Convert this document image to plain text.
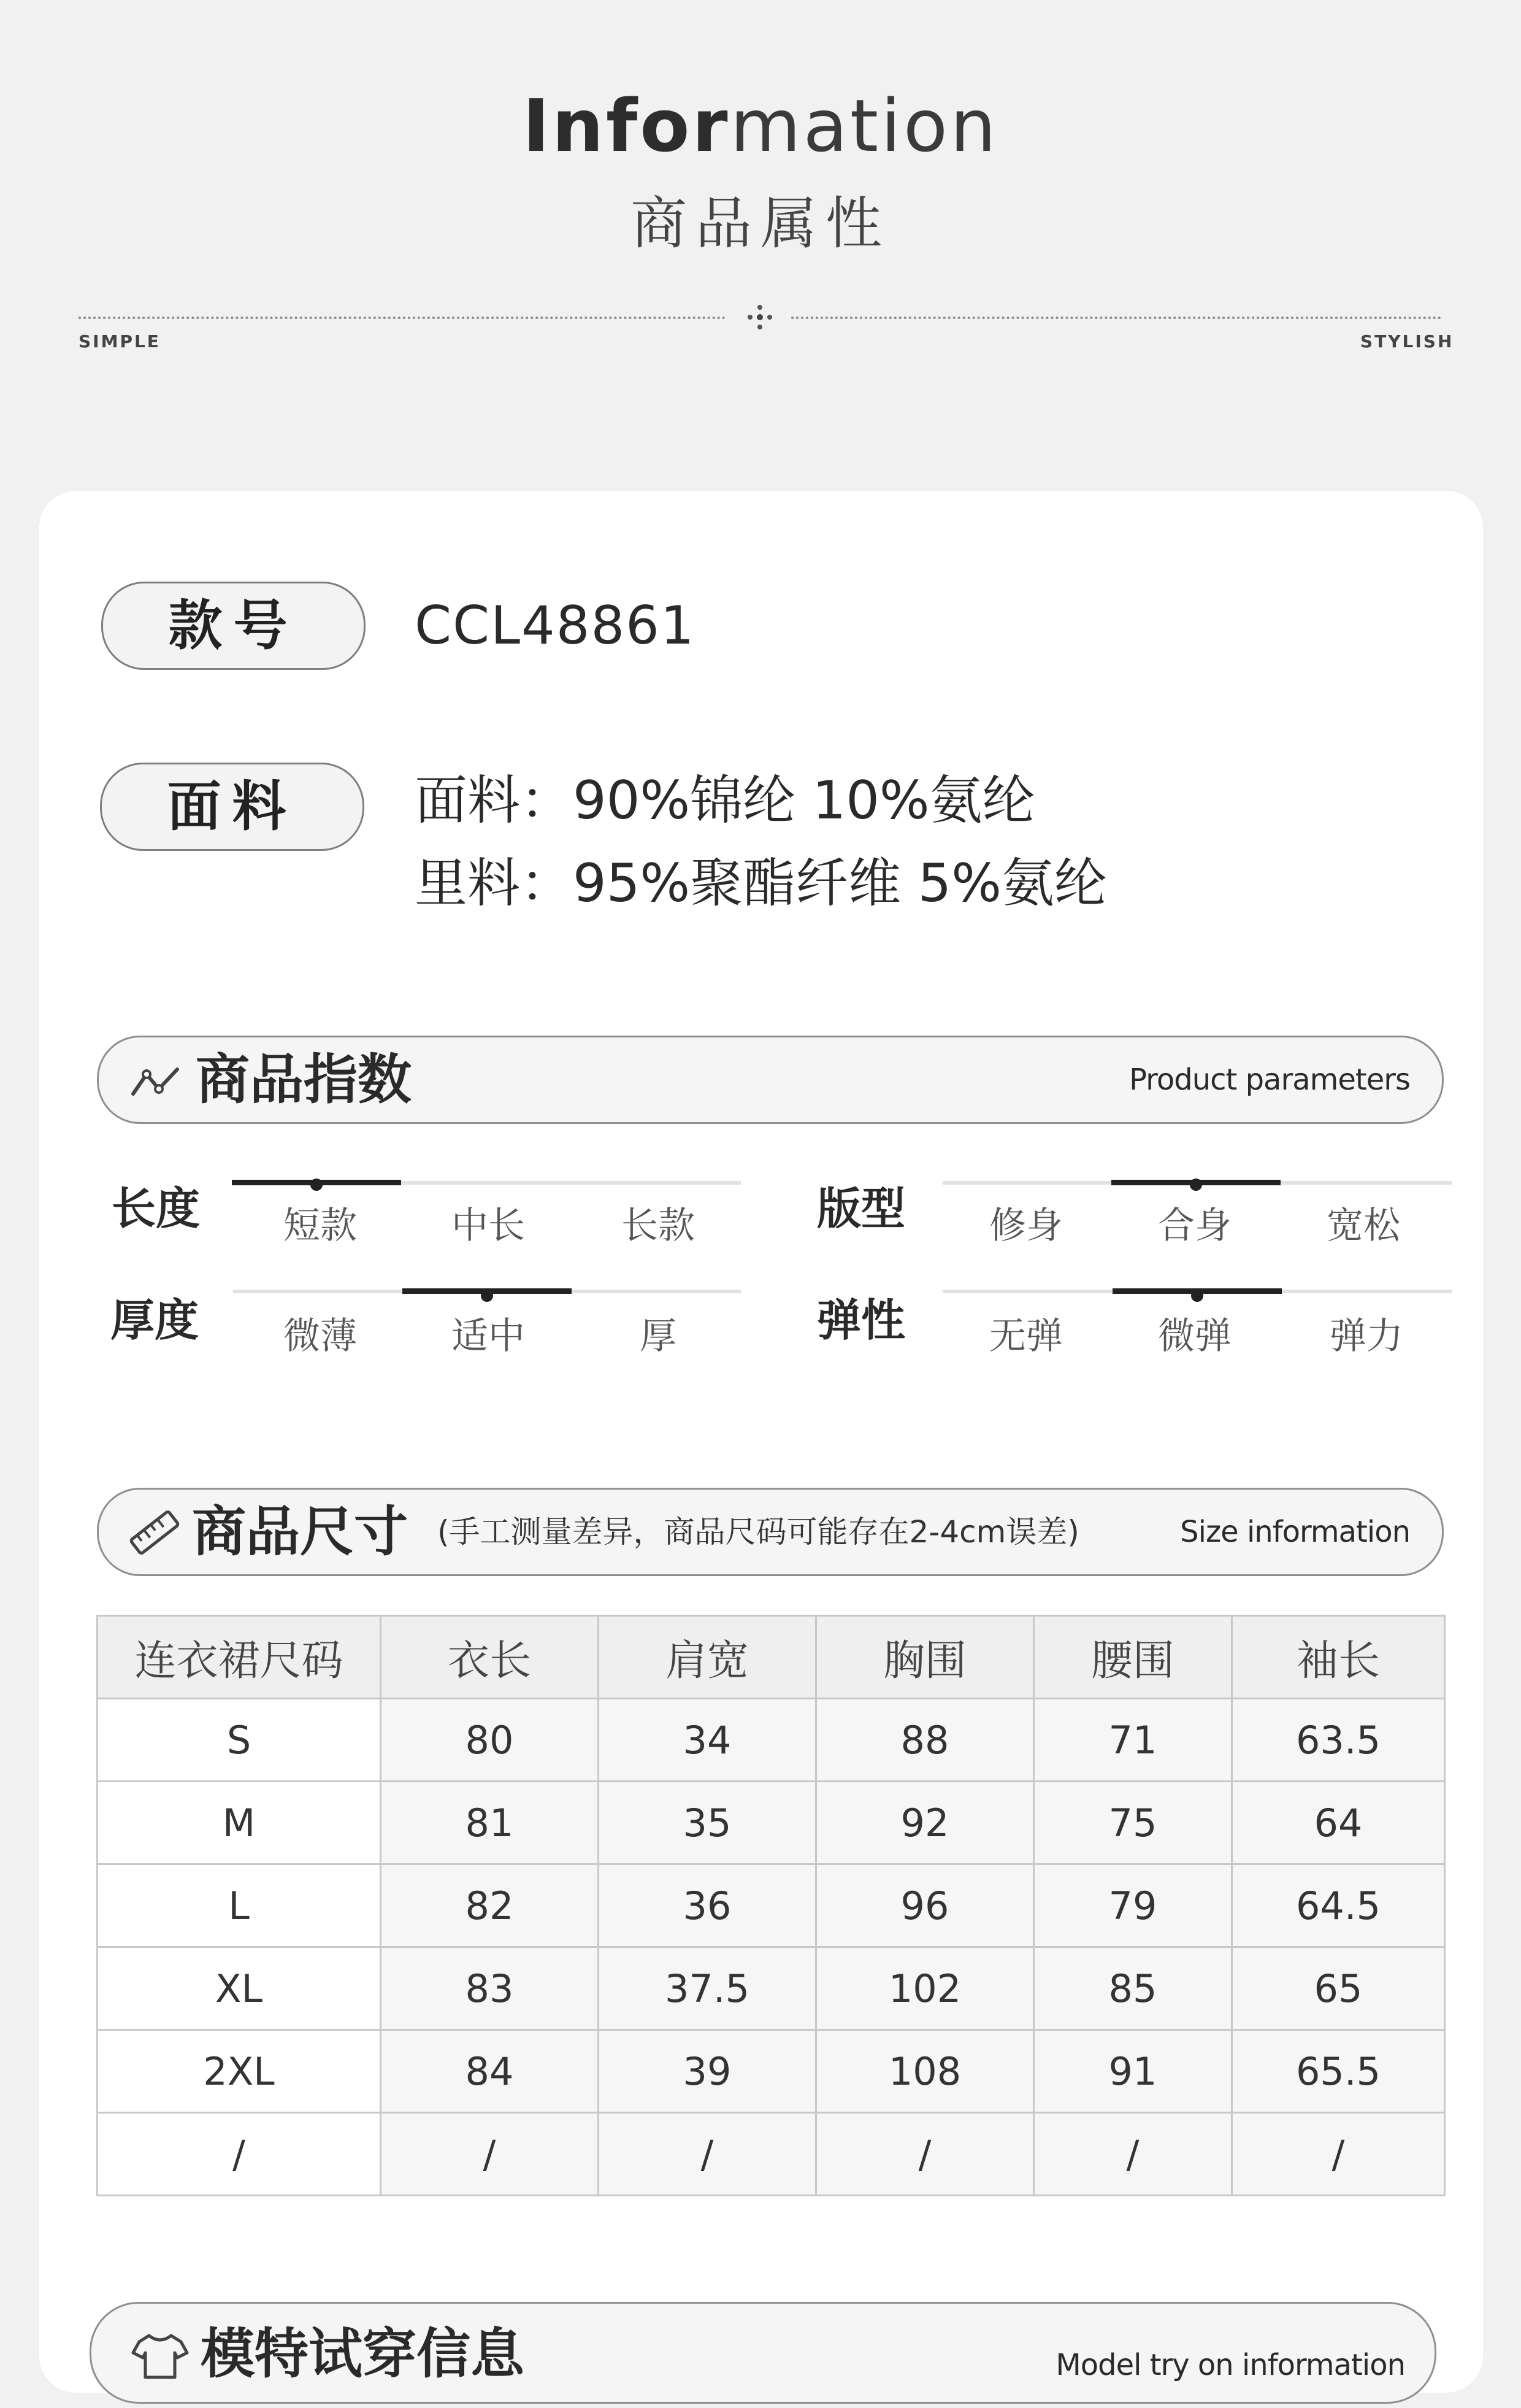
Information
商品属性
SIMPLE	STYLISH
款号	CCL48861
面料	面料：90%锦纶 10%氨纶
里料：95%聚酯纤维 5%氨纶
商品指数	Product parameters
长度	短款	中长	长款	版型	修身	合身	宽松
厚度	微薄	适中	厚	弹性	无弹	微弹	弹力
商品尺寸 (手工测量差异，商品尺码可能存在2-4cm误差)	Size information
连衣裙尺码	衣长	肩宽	胸围	腰围	袖长
S	80	34	88	71	63.5
M	81	35	92	75	64
L	82	36	96	79	64.5
XL	83	37.5	102	85	65
2XL	84	39	108	91	65.5
/	/	/	/	/	/
模特试穿信息	Model try on information
